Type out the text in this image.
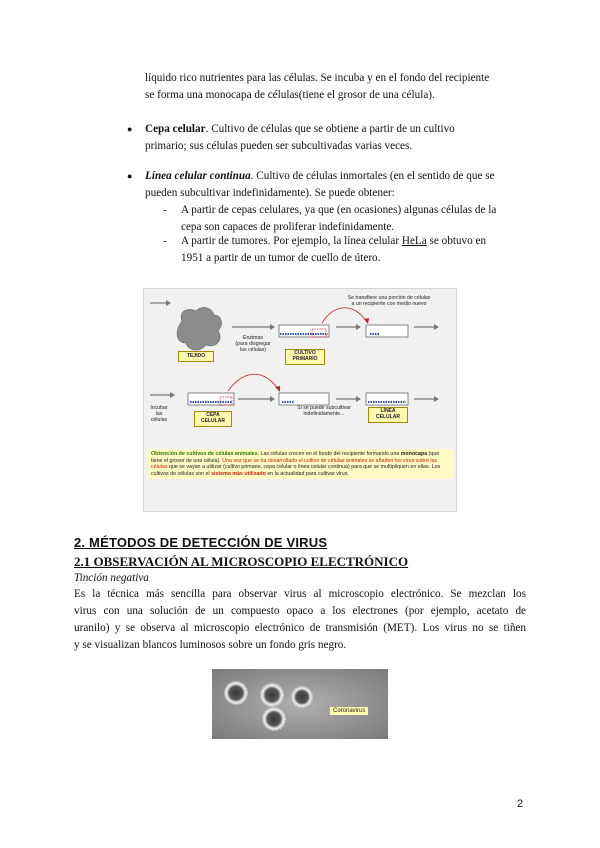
líquido rico nutrientes para las células. Se incuba y en el fondo del recipiente
se forma una monocapa de células(tiene el grosor de una célula).
● Cepa celular. Cultivo de células que se obtiene a partir de un cultivo
primario; sus células pueden ser subcultivadas varias veces.
● Línea celular continua. Cultivo de células inmortales (en el sentido de que se
pueden subcultivar indefinidamente). Se puede obtener:
- A partir de cepas celulares, ya que (en ocasiones) algunas células de la
cepa son capaces de proliferar indefinidamente.
- A partir de tumores. Por ejemplo, la línea celular HeLa se obtuvo en
1951 a partir de un tumor de cuello de útero.
TEJIDO
Enzimas
(para disgregar
las células)	CULTIVO
PRIMARIO
Se transfiere una porción de células
a un recipiente con medio nuevo
Incubar
las
células
CEPA
CELULAR
Si se puede subcultivar
indefinidamente...	LÍNEA
CELULAR
Obtención de cultivos de células animales. Las células crecen en el fondo del recipiente formando una monocapa (que tiene el grosor de una célula). Una vez que se ha desarrollado el cultivo de células animales se añaden los virus sobre las células que se vayan a utilizar (cultivo primario, cepa celular o línea celular continua) para que se multipliquen en ellas. Los cultivos de células son el sistema más utilizado en la actualidad para cultivar virus.
2. MÉTODOS DE DETECCIÓN DE VIRUS
2.1 OBSERVACIÓN AL MICROSCOPIO ELECTRÓNICO
Tinción negativa
Es la técnica más sencilla para observar virus al microscopio electrónico. Se mezclan los
virus con una solución de un compuesto opaco a los electrones (por ejemplo, acetato de
uranilo) y se observa al microscopio electrónico de transmisión (MET). Los virus no se tiñen
y se visualizan blancos luminosos sobre un fondo gris negro.
Coronavirus
2
